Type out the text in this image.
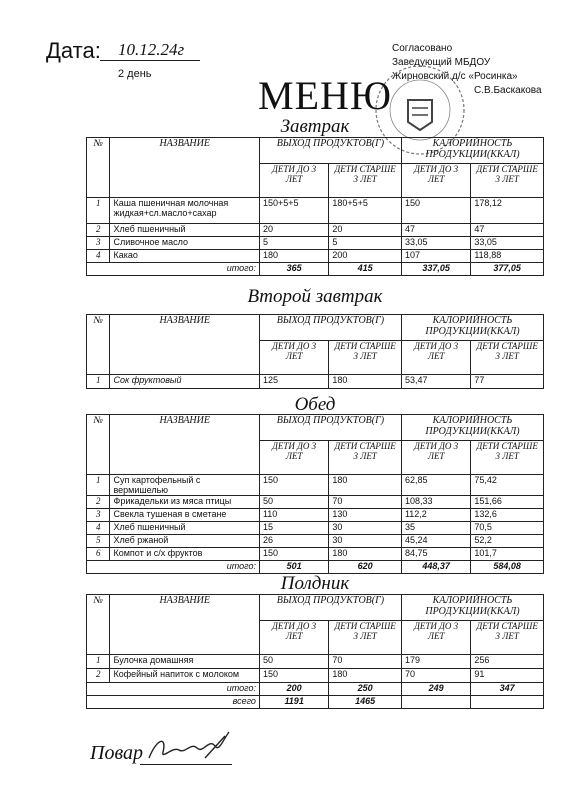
Дата: 10.12.24г
2 день
Согласовано
Заведующий МБДОУ
Жирновский д/с «Росинка»
С.В.Баскакова
МЕНЮ
Завтрак
№	НАЗВАНИЕ	ВЫХОД ПРОДУКТОВ(Г)		КАЛОРИЙНОСТЬ ПРОДУКЦИИ(ККАЛ)	
		ДЕТИ ДО 3 ЛЕТ	ДЕТИ СТАРШЕ 3 ЛЕТ	ДЕТИ ДО 3 ЛЕТ	ДЕТИ СТАРШЕ 3 ЛЕТ
1	Каша пшеничная молочная жидкая+сл.масло+сахар	150+5+5	180+5+5	150	178,12
2	Хлеб пшеничный	20	20	47	47
3	Сливочное масло	5	5	33,05	33,05
4	Какао	180	200	107	118,88
итого:		365	415	337,05	377,05
Второй завтрак
№	НАЗВАНИЕ	ВЫХОД ПРОДУКТОВ(Г)		КАЛОРИЙНОСТЬ ПРОДУКЦИИ(ККАЛ)	
		ДЕТИ ДО 3 ЛЕТ	ДЕТИ СТАРШЕ 3 ЛЕТ	ДЕТИ ДО 3 ЛЕТ	ДЕТИ СТАРШЕ 3 ЛЕТ
1	Сок фруктовый	125	180	53,47	77
Обед
№	НАЗВАНИЕ	ВЫХОД ПРОДУКТОВ(Г)		КАЛОРИЙНОСТЬ ПРОДУКЦИИ(ККАЛ)	
		ДЕТИ ДО 3 ЛЕТ	ДЕТИ СТАРШЕ 3 ЛЕТ	ДЕТИ ДО 3 ЛЕТ	ДЕТИ СТАРШЕ 3 ЛЕТ
1	Суп картофельный с вермишелью	150	180	62,85	75,42
2	Фрикадельки из мяса птицы	50	70	108,33	151,66
3	Свекла тушеная в сметане	110	130	112,2	132,6
4	Хлеб пшеничный	15	30	35	70,5
5	Хлеб ржаной	26	30	45,24	52,2
6	Компот и с/х фруктов	150	180	84,75	101,7
итого:		501	620	448,37	584,08
Полдник
№	НАЗВАНИЕ	ВЫХОД ПРОДУКТОВ(Г)		КАЛОРИЙНОСТЬ ПРОДУКЦИИ(ККАЛ)	
		ДЕТИ ДО 3 ЛЕТ	ДЕТИ СТАРШЕ 3 ЛЕТ	ДЕТИ ДО 3 ЛЕТ	ДЕТИ СТАРШЕ 3 ЛЕТ
1	Булочка домашняя	50	70	179	256
2	Кофейный напиток с молоком	150	180	70	91
итого:		200	250	249	347
всего		1191	1465		
Повар
